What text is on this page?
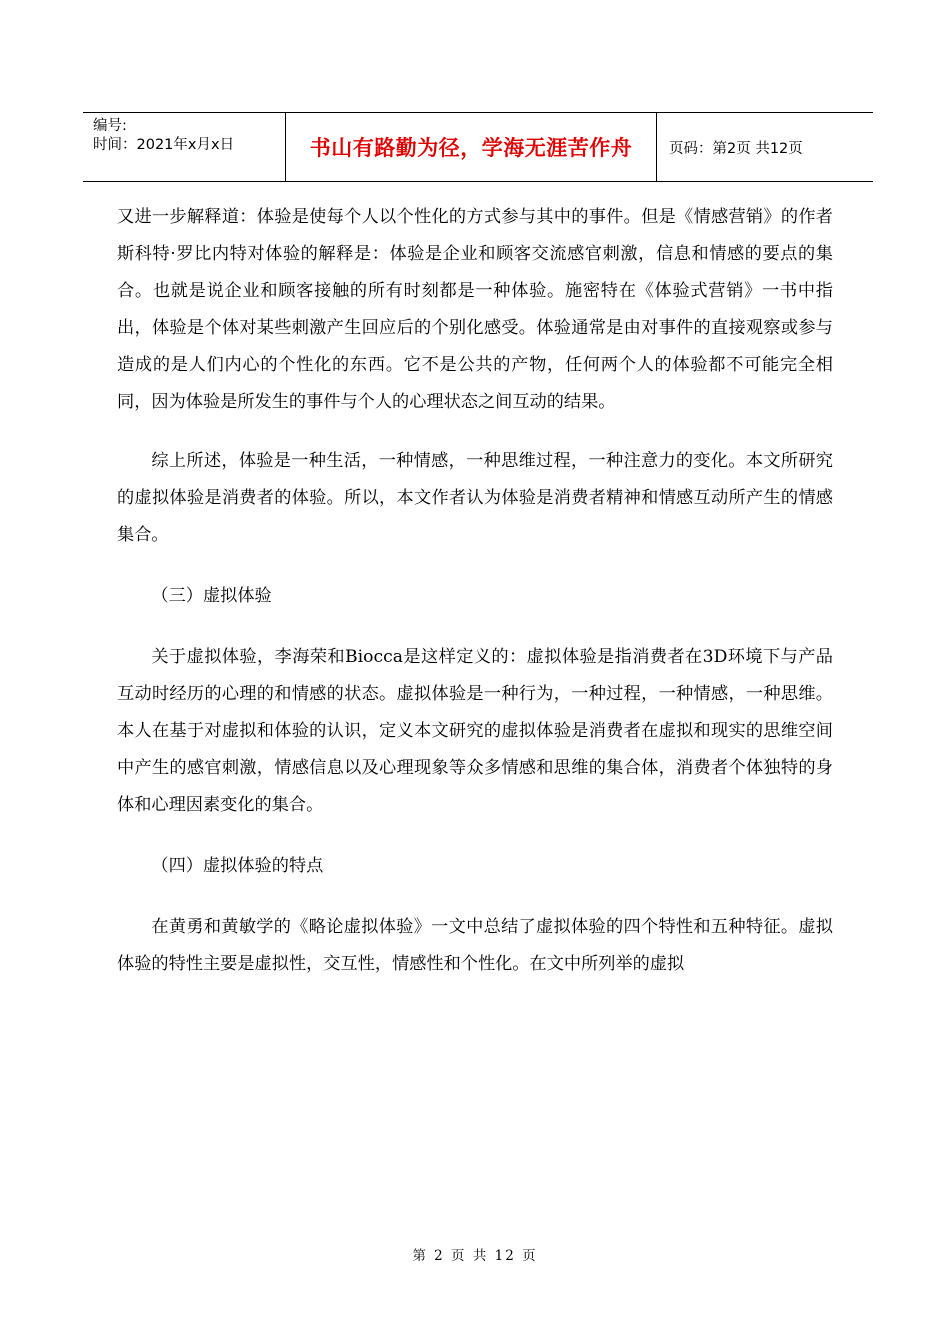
编号:
时间：2021年x月x日	书山有路勤为径，学海无涯苦作舟	页码：第2页 共12页

又进一步解释道：体验是使每个人以个性化的方式参与其中的事件。但是《情感营销》的作者斯科特·罗比内特对体验的解释是：体验是企业和顾客交流感官刺激，信息和情感的要点的集合。也就是说企业和顾客接触的所有时刻都是一种体验。施密特在《体验式营销》一书中指出，体验是个体对某些刺激产生回应后的个别化感受。体验通常是由对事件的直接观察或参与造成的是人们内心的个性化的东西。它不是公共的产物，任何两个人的体验都不可能完全相同，因为体验是所发生的事件与个人的心理状态之间互动的结果。

综上所述，体验是一种生活，一种情感，一种思维过程，一种注意力的变化。本文所研究的虚拟体验是消费者的体验。所以，本文作者认为体验是消费者精神和情感互动所产生的情感集合。

（三）虚拟体验

关于虚拟体验，李海荣和Biocca是这样定义的：虚拟体验是指消费者在3D环境下与产品互动时经历的心理的和情感的状态。虚拟体验是一种行为，一种过程，一种情感，一种思维。本人在基于对虚拟和体验的认识，定义本文研究的虚拟体验是消费者在虚拟和现实的思维空间中产生的感官刺激，情感信息以及心理现象等众多情感和思维的集合体，消费者个体独特的身体和心理因素变化的集合。

（四）虚拟体验的特点

在黄勇和黄敏学的《略论虚拟体验》一文中总结了虚拟体验的四个特性和五种特征。虚拟体验的特性主要是虚拟性，交互性，情感性和个性化。在文中所列举的虚拟

第 2 页 共 12 页
